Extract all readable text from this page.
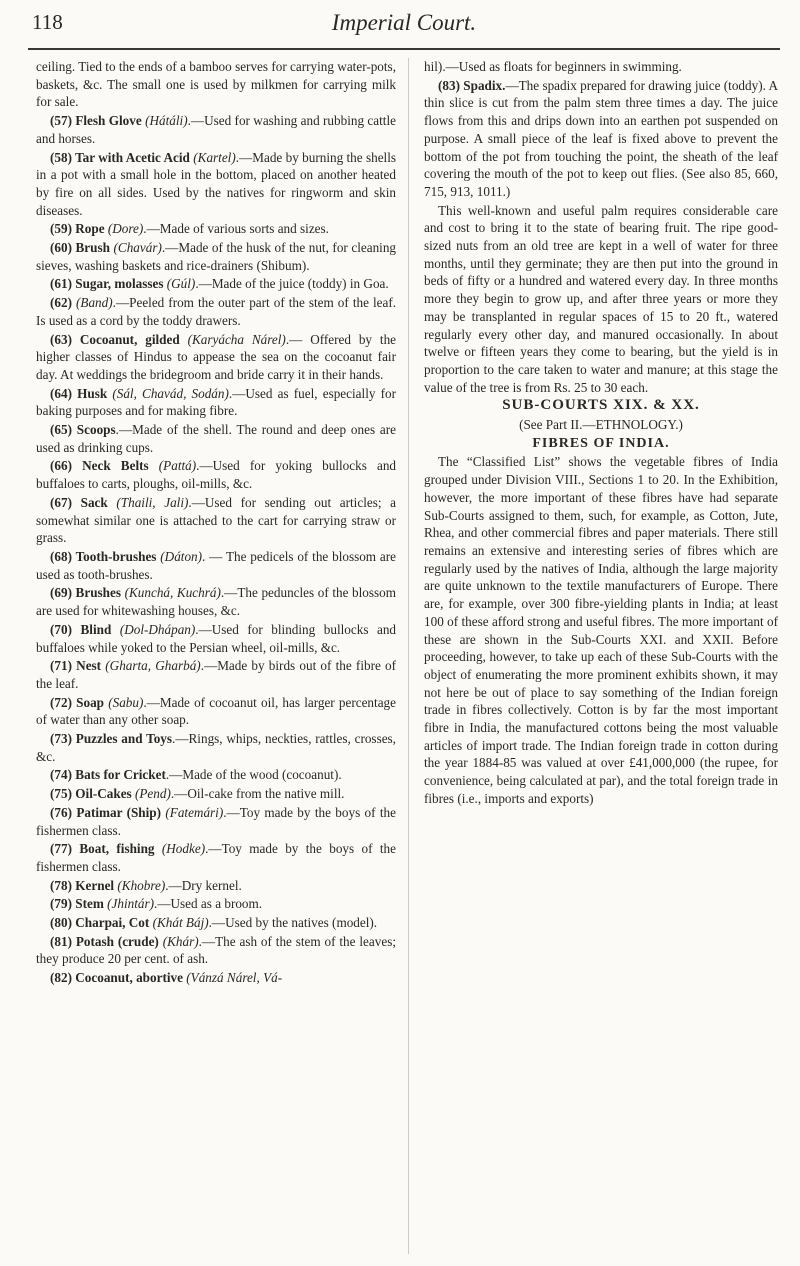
118	Imperial Court.

ceiling. Tied to the ends of a bamboo serves for carrying water-pots, baskets, &c. The small one is used by milkmen for carrying milk for sale.

(57) Flesh Glove (Hátáli).—Used for washing and rubbing cattle and horses.

(58) Tar with Acetic Acid (Kartel).—Made by burning the shells in a pot with a small hole in the bottom, placed on another heated by fire on all sides. Used by the natives for ringworm and skin diseases.

(59) Rope (Dore).—Made of various sorts and sizes.

(60) Brush (Chavár).—Made of the husk of the nut, for cleaning sieves, washing baskets and rice-drainers (Shibum).

(61) Sugar, molasses (Gúl).—Made of the juice (toddy) in Goa.

(62) (Band).—Peeled from the outer part of the stem of the leaf. Is used as a cord by the toddy drawers.

(63) Cocoanut, gilded (Karyácha Nárel).— Offered by the higher classes of Hindus to appease the sea on the cocoanut fair day. At weddings the bridegroom and bride carry it in their hands.

(64) Husk (Sál, Chavád, Sodán).—Used as fuel, especially for baking purposes and for making fibre.

(65) Scoops.—Made of the shell. The round and deep ones are used as drinking cups.

(66) Neck Belts (Pattá).—Used for yoking bullocks and buffaloes to carts, ploughs, oil-mills, &c.

(67) Sack (Thaili, Jali).—Used for sending out articles; a somewhat similar one is attached to the cart for carrying straw or grass.

(68) Tooth-brushes (Dáton). — The pedicels of the blossom are used as tooth-brushes.

(69) Brushes (Kunchá, Kuchrá).—The peduncles of the blossom are used for whitewashing houses, &c.

(70) Blind (Dol-Dhápan).—Used for blinding bullocks and buffaloes while yoked to the Persian wheel, oil-mills, &c.

(71) Nest (Gharta, Gharbá).—Made by birds out of the fibre of the leaf.

(72) Soap (Sabu).—Made of cocoanut oil, has larger percentage of water than any other soap.

(73) Puzzles and Toys.—Rings, whips, neckties, rattles, crosses, &c.

(74) Bats for Cricket.—Made of the wood (cocoanut).

(75) Oil-Cakes (Pend).—Oil-cake from the native mill.

(76) Patimar (Ship) (Fatemári).—Toy made by the boys of the fishermen class.

(77) Boat, fishing (Hodke).—Toy made by the boys of the fishermen class.

(78) Kernel (Khobre).—Dry kernel.

(79) Stem (Jhintár).—Used as a broom.

(80) Charpai, Cot (Khát Báj).—Used by the natives (model).

(81) Potash (crude) (Khár).—The ash of the stem of the leaves; they produce 20 per cent. of ash.

(82) Cocoanut, abortive (Vánzá Nárel, Vá-

hil).—Used as floats for beginners in swimming.

(83) Spadix.—The spadix prepared for drawing juice (toddy). A thin slice is cut from the palm stem three times a day. The juice flows from this and drips down into an earthen pot suspended on purpose. A small piece of the leaf is fixed above to prevent the bottom of the pot from touching the point, the sheath of the leaf covering the mouth of the pot to keep out flies. (See also 85, 660, 715, 913, 1011.)

This well-known and useful palm requires considerable care and cost to bring it to the state of bearing fruit. The ripe good-sized nuts from an old tree are kept in a well of water for three months, until they germinate; they are then put into the ground in beds of fifty or a hundred and watered every day. In three months more they begin to grow up, and after three years or more they may be transplanted in regular spaces of 15 to 20 ft., watered regularly every other day, and manured occasionally. In about twelve or fifteen years they come to bearing, but the yield is in proportion to the care taken to water and manure; at this stage the value of the tree is from Rs. 25 to 30 each.

SUB-COURTS XIX. & XX.

(See Part II.—ETHNOLOGY.)

FIBRES OF INDIA.

The “Classified List” shows the vegetable fibres of India grouped under Division VIII., Sections 1 to 20. In the Exhibition, however, the more important of these fibres have had separate Sub-Courts assigned to them, such, for example, as Cotton, Jute, Rhea, and other commercial fibres and paper materials. There still remains an extensive and interesting series of fibres which are regularly used by the natives of India, although the large majority are quite unknown to the textile manufacturers of Europe. There are, for example, over 300 fibre-yielding plants in India; at least 100 of these afford strong and useful fibres. The more important of these are shown in the Sub-Courts XXI. and XXII. Before proceeding, however, to take up each of these Sub-Courts with the object of enumerating the more prominent exhibits shown, it may not here be out of place to say something of the Indian foreign trade in fibres collectively. Cotton is by far the most important fibre in India, the manufactured cottons being the most valuable articles of import trade. The Indian foreign trade in cotton during the year 1884-85 was valued at over £41,000,000 (the rupee, for convenience, being calculated at par), and the total foreign trade in fibres (i.e., imports and exports)
